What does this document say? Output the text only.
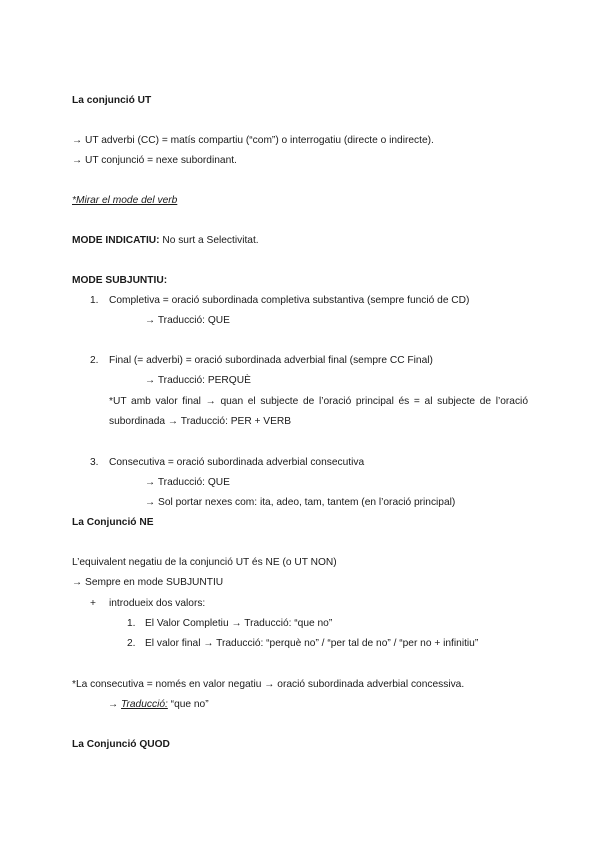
La conjunció UT
→ UT adverbi (CC) = matís compartiu (“com”) o interrogatiu (directe o indirecte).
→ UT conjunció = nexe subordinant.
*Mirar el mode del verb
MODE INDICATIU: No surt a Selectivitat.
MODE SUBJUNTIU:
1. Completiva = oració subordinada completiva substantiva (sempre funció de CD)
→ Traducció: QUE
2. Final (= adverbi) = oració subordinada adverbial final (sempre CC Final)
→ Traducció: PERQUÈ
*UT amb valor final → quan el subjecte de l’oració principal és = al subjecte de l’oració
subordinada → Traducció: PER + VERB
3. Consecutiva = oració subordinada adverbial consecutiva
→ Traducció: QUE
→ Sol portar nexes com: ita, adeo, tam, tantem (en l’oració principal)
La Conjunció NE
L’equivalent negatiu de la conjunció UT és NE (o UT NON)
→ Sempre en mode SUBJUNTIU
+ introdueix dos valors:
1. El Valor Completiu → Traducció: “que no”
2. El valor final → Traducció: “perquè no” / “per tal de no” / “per no + infinitiu”
*La consecutiva = només en valor negatiu → oració subordinada adverbial concessiva.
→ Traducció: “que no”
La Conjunció QUOD
